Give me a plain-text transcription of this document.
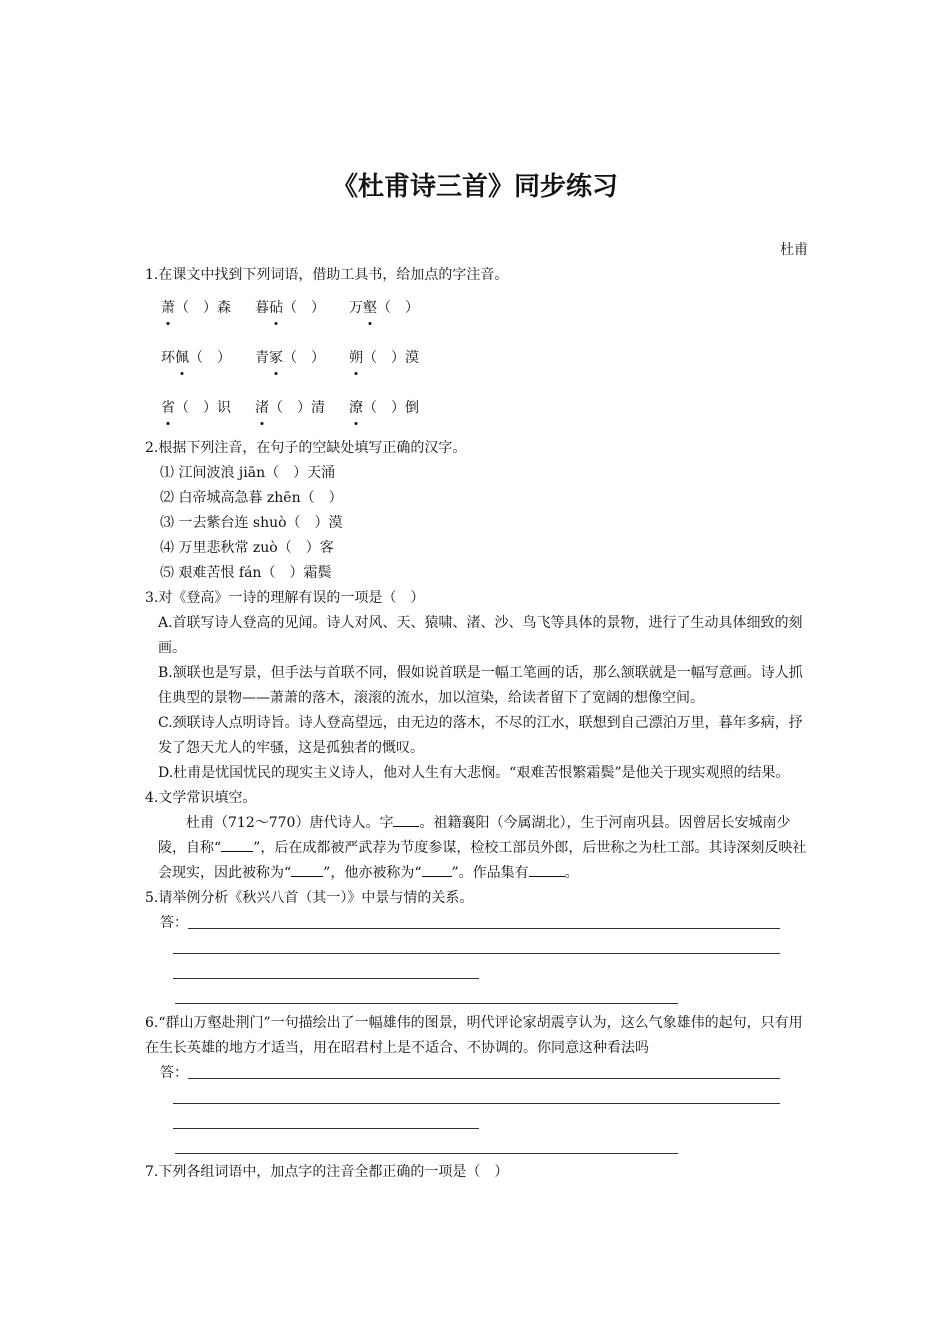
《杜甫诗三首》同步练习
杜甫
1.在课文中找到下列词语，借助工具书，给加点的字注音。
萧（　）森 暮砧（　） 万壑（　）
环佩（　） 青冢（　） 朔（　）漠
省（　）识 渚（　）清 潦（　）倒
2.根据下列注音，在句子的空缺处填写正确的汉字。
⑴ 江间波浪 jiān（　）天涌
⑵ 白帝城高急暮 zhēn（　）
⑶ 一去紫台连 shuò（　）漠
⑷ 万里悲秋常 zuò（　）客
⑸ 艰难苦恨 fán（　）霜鬓
3.对《登高》一诗的理解有误的一项是（　）
A.首联写诗人登高的见闻。诗人对风、天、猿啸、渚、沙、鸟飞等具体的景物，进行了生动具体细致的刻画。
B.颔联也是写景，但手法与首联不同，假如说首联是一幅工笔画的话，那么颔联就是一幅写意画。诗人抓住典型的景物——萧萧的落木，滚滚的流水，加以渲染，给读者留下了宽阔的想像空间。
C.颈联诗人点明诗旨。诗人登高望远，由无边的落木，不尽的江水，联想到自己漂泊万里，暮年多病，抒发了怨天尤人的牢骚，这是孤独者的慨叹。
D.杜甫是忧国忧民的现实主义诗人，他对人生有大悲悯。“艰难苦恨繁霜鬓”是他关于现实观照的结果。
4.文学常识填空。
杜甫（712～770）唐代诗人。字 。祖籍襄阳（今属湖北），生于河南巩县。因曾居长安城南少陵，自称“ ”，后在成都被严武荐为节度参谋，检校工部员外郎，后世称之为杜工部。其诗深刻反映社会现实，因此被称为“ ”，他亦被称为“ ”。作品集有	。
5.请举例分析《秋兴八首（其一）》中景与情的关系。
答：
6.“群山万壑赴荆门”一句描绘出了一幅雄伟的图景，明代评论家胡震亨认为，这么气象雄伟的起句，只有用在生长英雄的地方才适当，用在昭君村上是不适合、不协调的。你同意这种看法吗
答：
7.下列各组词语中，加点字的注音全都正确的一项是（　）
